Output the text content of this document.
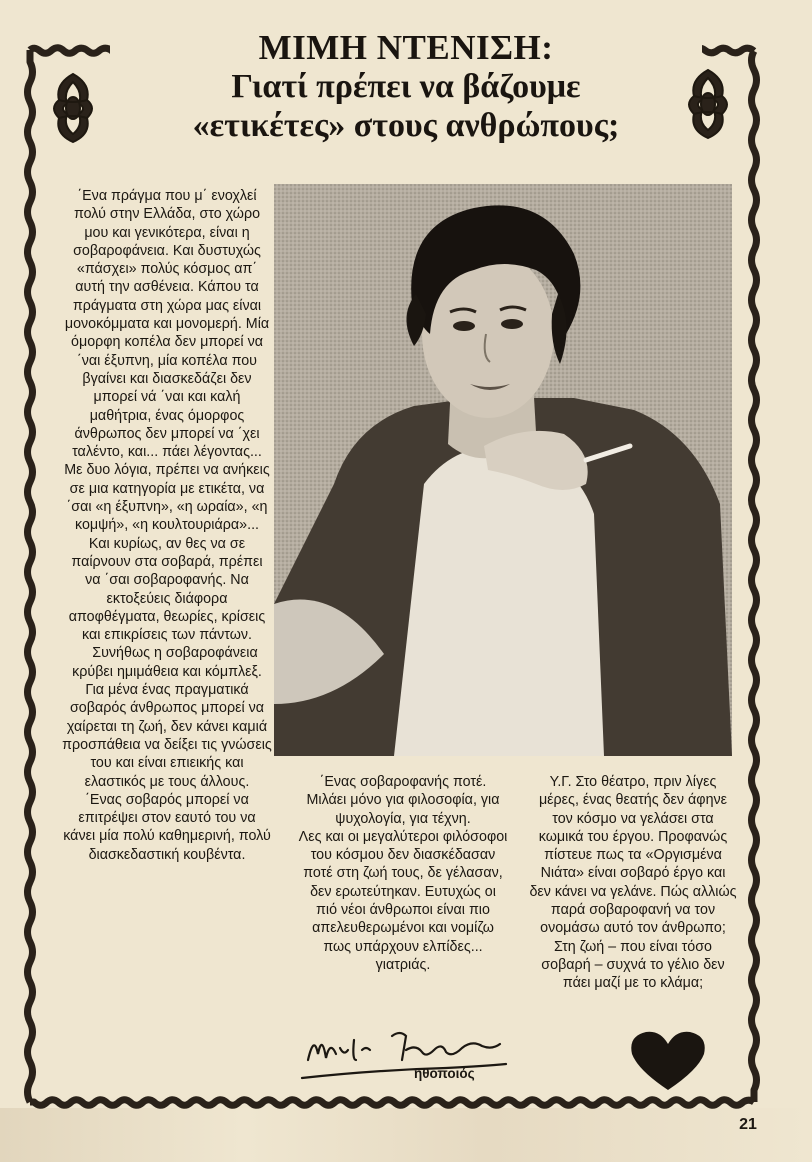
ΜΙΜΗ ΝΤΕΝΙΣΗ:
Γιατί πρέπει να βάζουμε
«ετικέτες» στους ανθρώπους;

΄Ενα πράγμα που μ΄ ενοχλεί πολύ στην Ελλάδα, στο χώρο μου και γενικότερα, είναι η σοβαροφάνεια. Και δυστυχώς «πάσχει» πολύς κόσμος απ΄ αυτή την ασθένεια. Κάπου τα πράγματα στη χώρα μας είναι μονοκόμματα και μονομερή. Μία όμορφη κοπέλα δεν μπορεί να ΄ναι έξυπνη, μία κοπέλα που βγαίνει και διασκεδάζει δεν μπορεί νά ΄ναι και καλή μαθήτρια, ένας όμορφος άνθρωπος δεν μπορεί να ΄χει ταλέντο, και... πάει λέγοντας... Με δυο λόγια, πρέπει να ανήκεις σε μια κατηγορία με ετικέτα, να ΄σαι «η έξυπνη», «η ωραία», «η κομψή», «η κουλτουριάρα»...

Και κυρίως, αν θες να σε παίρνουν στα σοβαρά, πρέπει να ΄σαι σοβαροφανής. Να εκτοξεύεις διάφορα αποφθέγματα, θεωρίες, κρίσεις και επικρίσεις των πάντων.

Συνήθως η σοβαροφάνεια κρύβει ημιμάθεια και κόμπλεξ. Για μένα ένας πραγματικά σοβαρός άνθρωπος μπορεί να χαίρεται τη ζωή, δεν κάνει καμιά προσπάθεια να δείξει τις γνώσεις του και είναι επιεικής και ελαστικός με τους άλλους.

΄Ενας σοβαρός μπορεί να επιτρέψει στον εαυτό του να κάνει μία πολύ καθημερινή, πολύ διασκεδαστική κουβέντα.

΄Ενας σοβαροφανής ποτέ. Μιλάει μόνο για φιλοσοφία, για ψυχολογία, για τέχνη.

Λες και οι μεγαλύτεροι φιλόσοφοι του κόσμου δεν διασκέδασαν ποτέ στη ζωή τους, δε γέλασαν, δεν ερωτεύτηκαν. Ευτυχώς οι πιό νέοι άνθρωποι είναι πιο απελευθερωμένοι και νομίζω πως υπάρχουν ελπίδες... γιατριάς.

Υ.Γ. Στο θέατρο, πριν λίγες μέρες, ένας θεατής δεν άφηνε τον κόσμο να γελάσει στα κωμικά του έργου. Προφανώς πίστευε πως τα «Οργισμένα Νιάτα» είναι σοβαρό έργο και δεν κάνει να γελάνε. Πώς αλλιώς παρά σοβαροφανή να τον ονομάσω αυτό τον άνθρωπο; Στη ζωή – που είναι τόσο σοβαρή – συχνά το γέλιο δεν πάει μαζί με το κλάμα;

ηθοποιός
21
